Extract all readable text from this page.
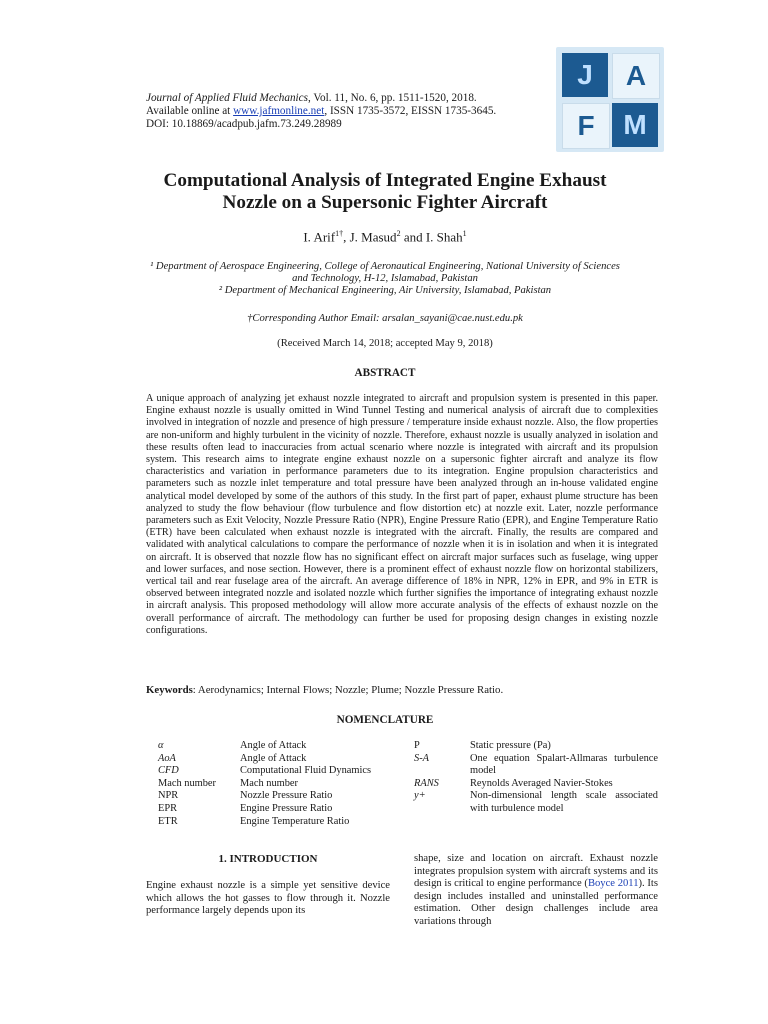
Journal of Applied Fluid Mechanics, Vol. 11, No. 6, pp. 1511-1520, 2018.
Available online at www.jafmonline.net, ISSN 1735-3572, EISSN 1735-3645.
DOI: 10.18869/acadpub.jafm.73.249.28989
J	A
F	M
Computational Analysis of Integrated Engine Exhaust Nozzle on a Supersonic Fighter Aircraft
I. Arif$^{1\dagger}$, J. Masud$^2$ and I. Shah$^1$
¹ Department of Aerospace Engineering, College of Aeronautical Engineering, National University of Sciences and Technology, H-12, Islamabad, Pakistan
² Department of Mechanical Engineering, Air University, Islamabad, Pakistan
†Corresponding Author Email: arsalan_sayani@cae.nust.edu.pk
(Received March 14, 2018; accepted May 9, 2018)
ABSTRACT
A unique approach of analyzing jet exhaust nozzle integrated to aircraft and propulsion system is presented in this paper. Engine exhaust nozzle is usually omitted in Wind Tunnel Testing and numerical analysis of aircraft due to complexities involved in integration of nozzle and presence of high pressure / temperature inside exhaust nozzle. Also, the flow properties are non-uniform and highly turbulent in the vicinity of nozzle. Therefore, exhaust nozzle is usually analyzed in isolation and these results often lead to inaccuracies from actual scenario where nozzle is integrated with aircraft and its propulsion system. This research aims to integrate engine exhaust nozzle on a supersonic fighter aircraft and analyze its flow characteristics and variation in performance parameters due to its integration. Engine propulsion characteristics and parameters such as nozzle inlet temperature and total pressure have been analyzed through an in-house validated engine analytical model developed by some of the authors of this study. In the first part of paper, exhaust plume structure has been analyzed to study the flow behaviour (flow turbulence and flow distortion etc) at nozzle exit. Later, nozzle performance parameters such as Exit Velocity, Nozzle Pressure Ratio (NPR), Engine Pressure Ratio (EPR), and Engine Temperature Ratio (ETR) have been calculated when exhaust nozzle is integrated with the aircraft. Finally, the results are compared and validated with analytical calculations to compare the performance of nozzle when it is in isolation and when it is integrated on aircraft. It is observed that nozzle flow has no significant effect on aircraft major surfaces such as fuselage, wing upper and lower surfaces, and nose section. However, there is a prominent effect of exhaust nozzle flow on horizontal stabilizers, vertical tail and rear fuselage area of the aircraft. An average difference of 18% in NPR, 12% in EPR, and 9% in ETR is observed between integrated nozzle and isolated nozzle which further signifies the importance of integrating exhaust nozzle in aircraft analysis. This proposed methodology will allow more accurate analysis of the effects of exhaust nozzle on the overall performance of aircraft. The methodology can further be used for proposing design changes in existing nozzle configurations.
Keywords: Aerodynamics; Internal Flows; Nozzle; Plume; Nozzle Pressure Ratio.
NOMENCLATURE
α	Angle of Attack
AoA	Angle of Attack
CFD	Computational Fluid Dynamics
Mach number	Mach number
NPR	Nozzle Pressure Ratio
EPR	Engine Pressure Ratio
ETR	Engine Temperature Ratio
P	Static pressure (Pa)
S-A	One equation Spalart-Allmaras turbulence model
RANS	Reynolds Averaged Navier-Stokes
y+	Non-dimensional length scale associated with turbulence model
1. INTRODUCTION
Engine exhaust nozzle is a simple yet sensitive device which allows the hot gasses to flow through it. Nozzle performance largely depends upon its
shape, size and location on aircraft. Exhaust nozzle integrates propulsion system with aircraft systems and its design is critical to engine performance (Boyce 2011). Its design includes installed and uninstalled performance estimation. Other design challenges include area variations through
